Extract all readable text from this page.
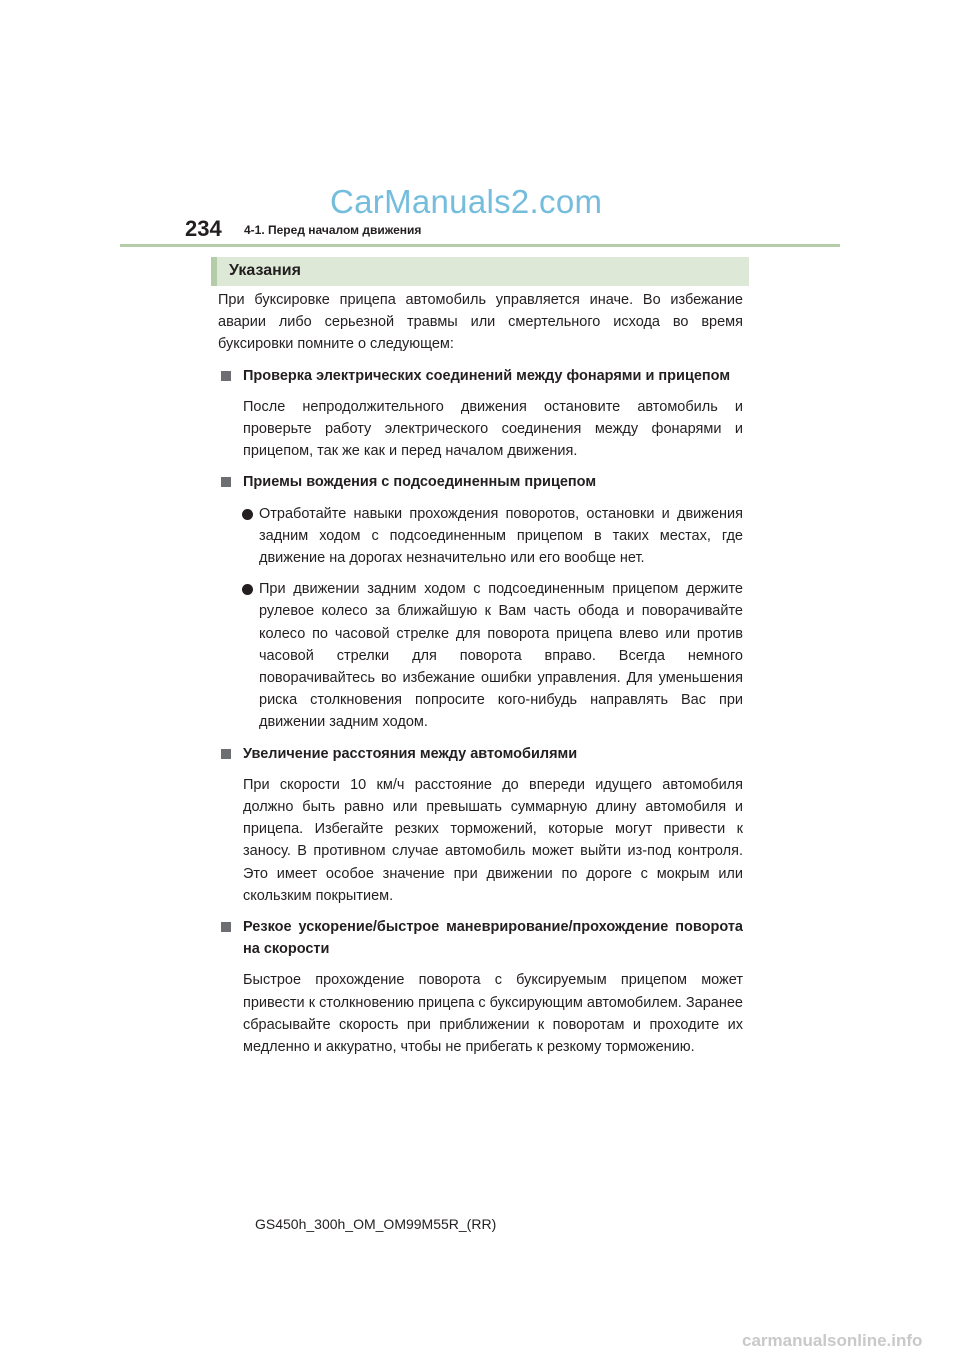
CarManuals2.com
234 4-1. Перед началом движения
Указания

При буксировке прицепа автомобиль управляется иначе. Во избежание аварии либо серьезной травмы или смертельного исхода во время буксировки помните о следующем:

Проверка электрических соединений между фонарями и прицепом

После непродолжительного движения остановите автомобиль и проверьте работу электрического соединения между фонарями и прицепом, так же как и перед началом движения.

Приемы вождения с подсоединенным прицепом
Отработайте навыки прохождения поворотов, остановки и движения задним ходом с подсоединенным прицепом в таких местах, где движение на дорогах незначительно или его вообще нет.
При движении задним ходом с подсоединенным прицепом держите рулевое колесо за ближайшую к Вам часть обода и поворачивайте колесо по часовой стрелке для поворота прицепа влево или против часовой стрелки для поворота вправо. Всегда немного поворачивайтесь во избежание ошибки управления. Для уменьшения риска столкновения попросите кого-нибудь направлять Вас при движении задним ходом.
Увеличение расстояния между автомобилями

При скорости 10 км/ч расстояние до впереди идущего автомобиля должно быть равно или превышать суммарную длину автомобиля и прицепа. Избегайте резких торможений, которые могут привести к заносу. В противном случае автомобиль может выйти из-под контроля. Это имеет особое значение при движении по дороге с мокрым или скользким покрытием.

Резкое ускорение/быстрое маневрирование/прохождение поворота на скорости

Быстрое прохождение поворота с буксируемым прицепом может привести к столкновению прицепа с буксирующим автомобилем. Заранее сбрасывайте скорость при приближении к поворотам и проходите их медленно и аккуратно, чтобы не прибегать к резкому торможению.

GS450h_300h_OM_OM99M55R_(RR)
carmanualsonline.info
